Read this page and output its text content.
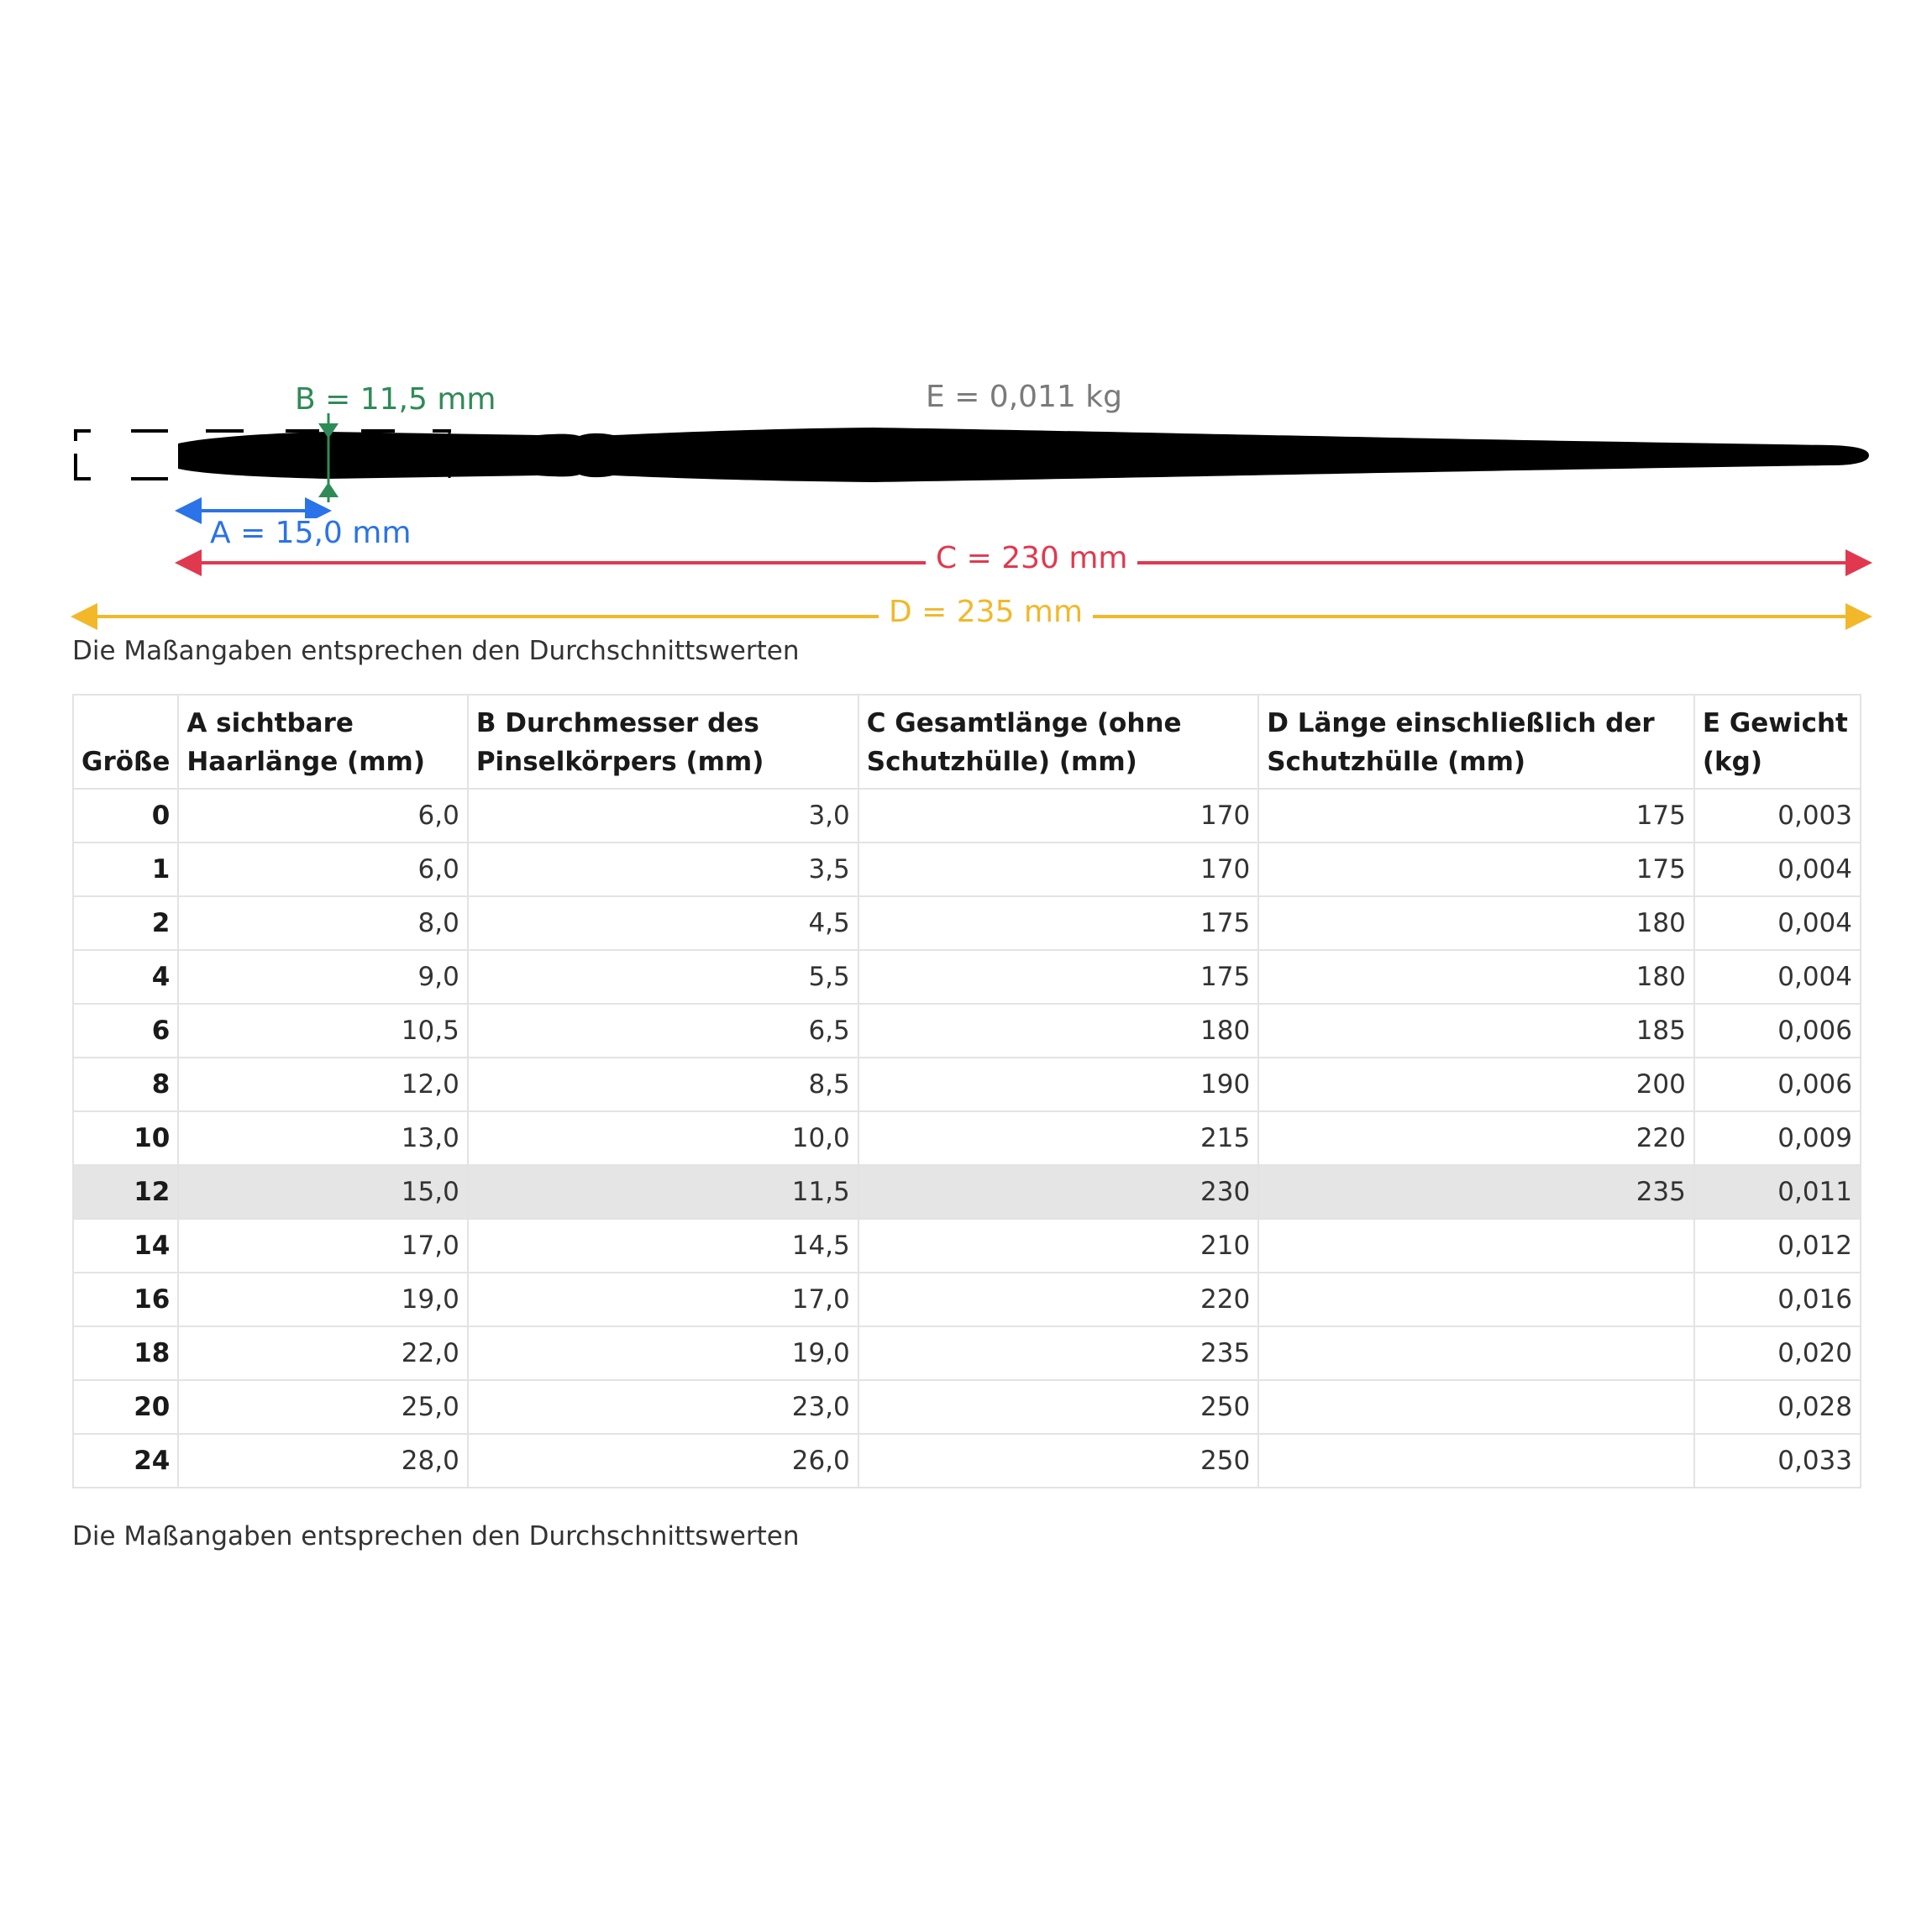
B = 11,5 mm	E = 0,011 kg
A = 15,0 mm
C = 230 mm
D = 235 mm
Die Maßangaben entsprechen den Durchschnittswerten
Größe	A sichtbare Haarlänge (mm)	B Durchmesser des Pinselkörpers (mm)	C Gesamtlänge (ohne Schutzhülle) (mm)	D Länge einschließlich der Schutzhülle (mm)	E Gewicht (kg)
0	6,0	3,0	170	175	0,003
1	6,0	3,5	170	175	0,004
2	8,0	4,5	175	180	0,004
4	9,0	5,5	175	180	0,004
6	10,5	6,5	180	185	0,006
8	12,0	8,5	190	200	0,006
10	13,0	10,0	215	220	0,009
12	15,0	11,5	230	235	0,011
14	17,0	14,5	210		0,012
16	19,0	17,0	220		0,016
18	22,0	19,0	235		0,020
20	25,0	23,0	250		0,028
24	28,0	26,0	250		0,033
Die Maßangaben entsprechen den Durchschnittswerten
